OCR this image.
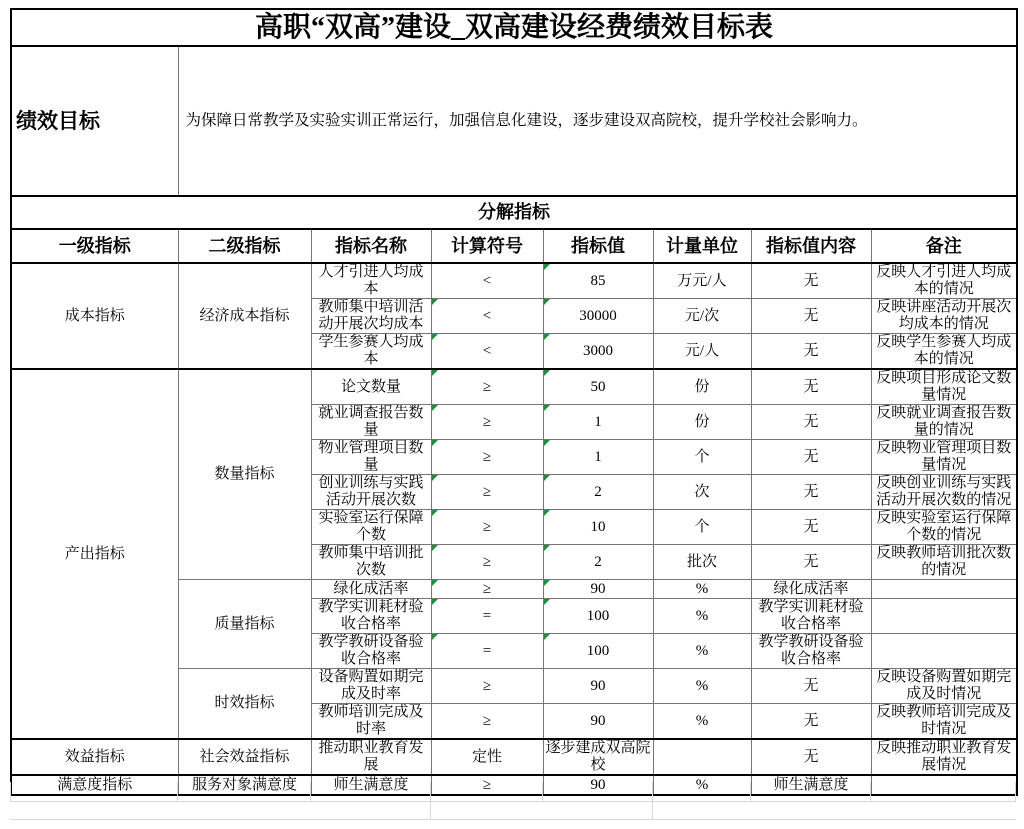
高职“双高”建设_双高建设经费绩效目标表							
绩效目标	为保障日常教学及实验实训正常运行，加强信息化建设，逐步建设双高院校，提升学校社会影响力。						
分解指标							
一级指标	二级指标	指标名称	计算符号	指标值	计量单位	指标值内容	备注
成本指标	经济成本指标	人才引进人均成本	<	85	万元/人	无	反映人才引进人均成本的情况
		教师集中培训活动开展次均成本	<	30000	元/次	无	反映讲座活动开展次均成本的情况
		学生参赛人均成本	<	3000	元/人	无	反映学生参赛人均成本的情况
产出指标	数量指标	论文数量	≥	50	份	无	反映项目形成论文数量情况
		就业调查报告数量	≥	1	份	无	反映就业调查报告数量的情况
		物业管理项目数量	≥	1	个	无	反映物业管理项目数量情况
		创业训练与实践活动开展次数	≥	2	次	无	反映创业训练与实践活动开展次数的情况
		实验室运行保障个数	≥	10	个	无	反映实验室运行保障个数的情况
		教师集中培训批次数	≥	2	批次	无	反映教师培训批次数的情况
	质量指标	绿化成活率	≥	90	%	绿化成活率	
		教学实训耗材验收合格率	=	100	%	教学实训耗材验收合格率	
		教学教研设备验收合格率	=	100	%	教学教研设备验收合格率	
	时效指标	设备购置如期完成及时率	≥	90	%	无	反映设备购置如期完成及时情况
		教师培训完成及时率	≥	90	%	无	反映教师培训完成及时情况
效益指标	社会效益指标	推动职业教育发展	定性	逐步建成双高院校		无	反映推动职业教育发展情况
满意度指标	服务对象满意度	师生满意度	≥	90	%	师生满意度	
